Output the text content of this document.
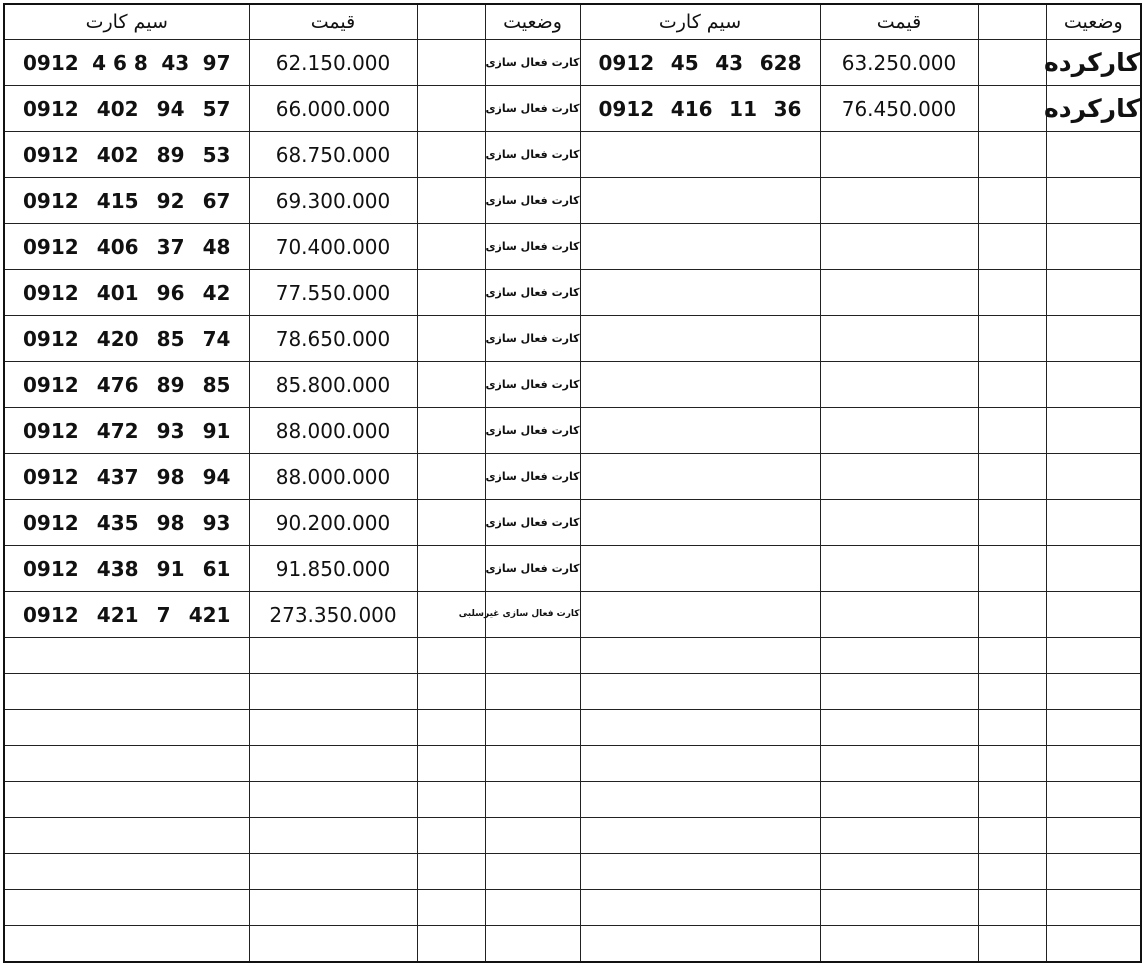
سیم کارت	قیمت		وضعیت	سیم کارت	قیمت		وضعیت

0912 4 6 8 43 97	62.150.000		کارت فعال سازی	0912 45 43 628	63.250.000		کارکرده

0912 402 94 57	66.000.000		کارت فعال سازی	0912 416 11 36	76.450.000		کارکرده

0912 402 89 53	68.750.000		کارت فعال سازی				

0912 415 92 67	69.300.000		کارت فعال سازی				

0912 406 37 48	70.400.000		کارت فعال سازی				

0912 401 96 42	77.550.000		کارت فعال سازی				

0912 420 85 74	78.650.000		کارت فعال سازی				

0912 476 89 85	85.800.000		کارت فعال سازی				

0912 472 93 91	88.000.000		کارت فعال سازی				

0912 437 98 94	88.000.000		کارت فعال سازی				

0912 435 98 93	90.200.000		کارت فعال سازی				

0912 438 91 61	91.850.000		کارت فعال سازی				

0912 421 7 421	273.350.000		کارت فعال سازی غیرسلبی				
